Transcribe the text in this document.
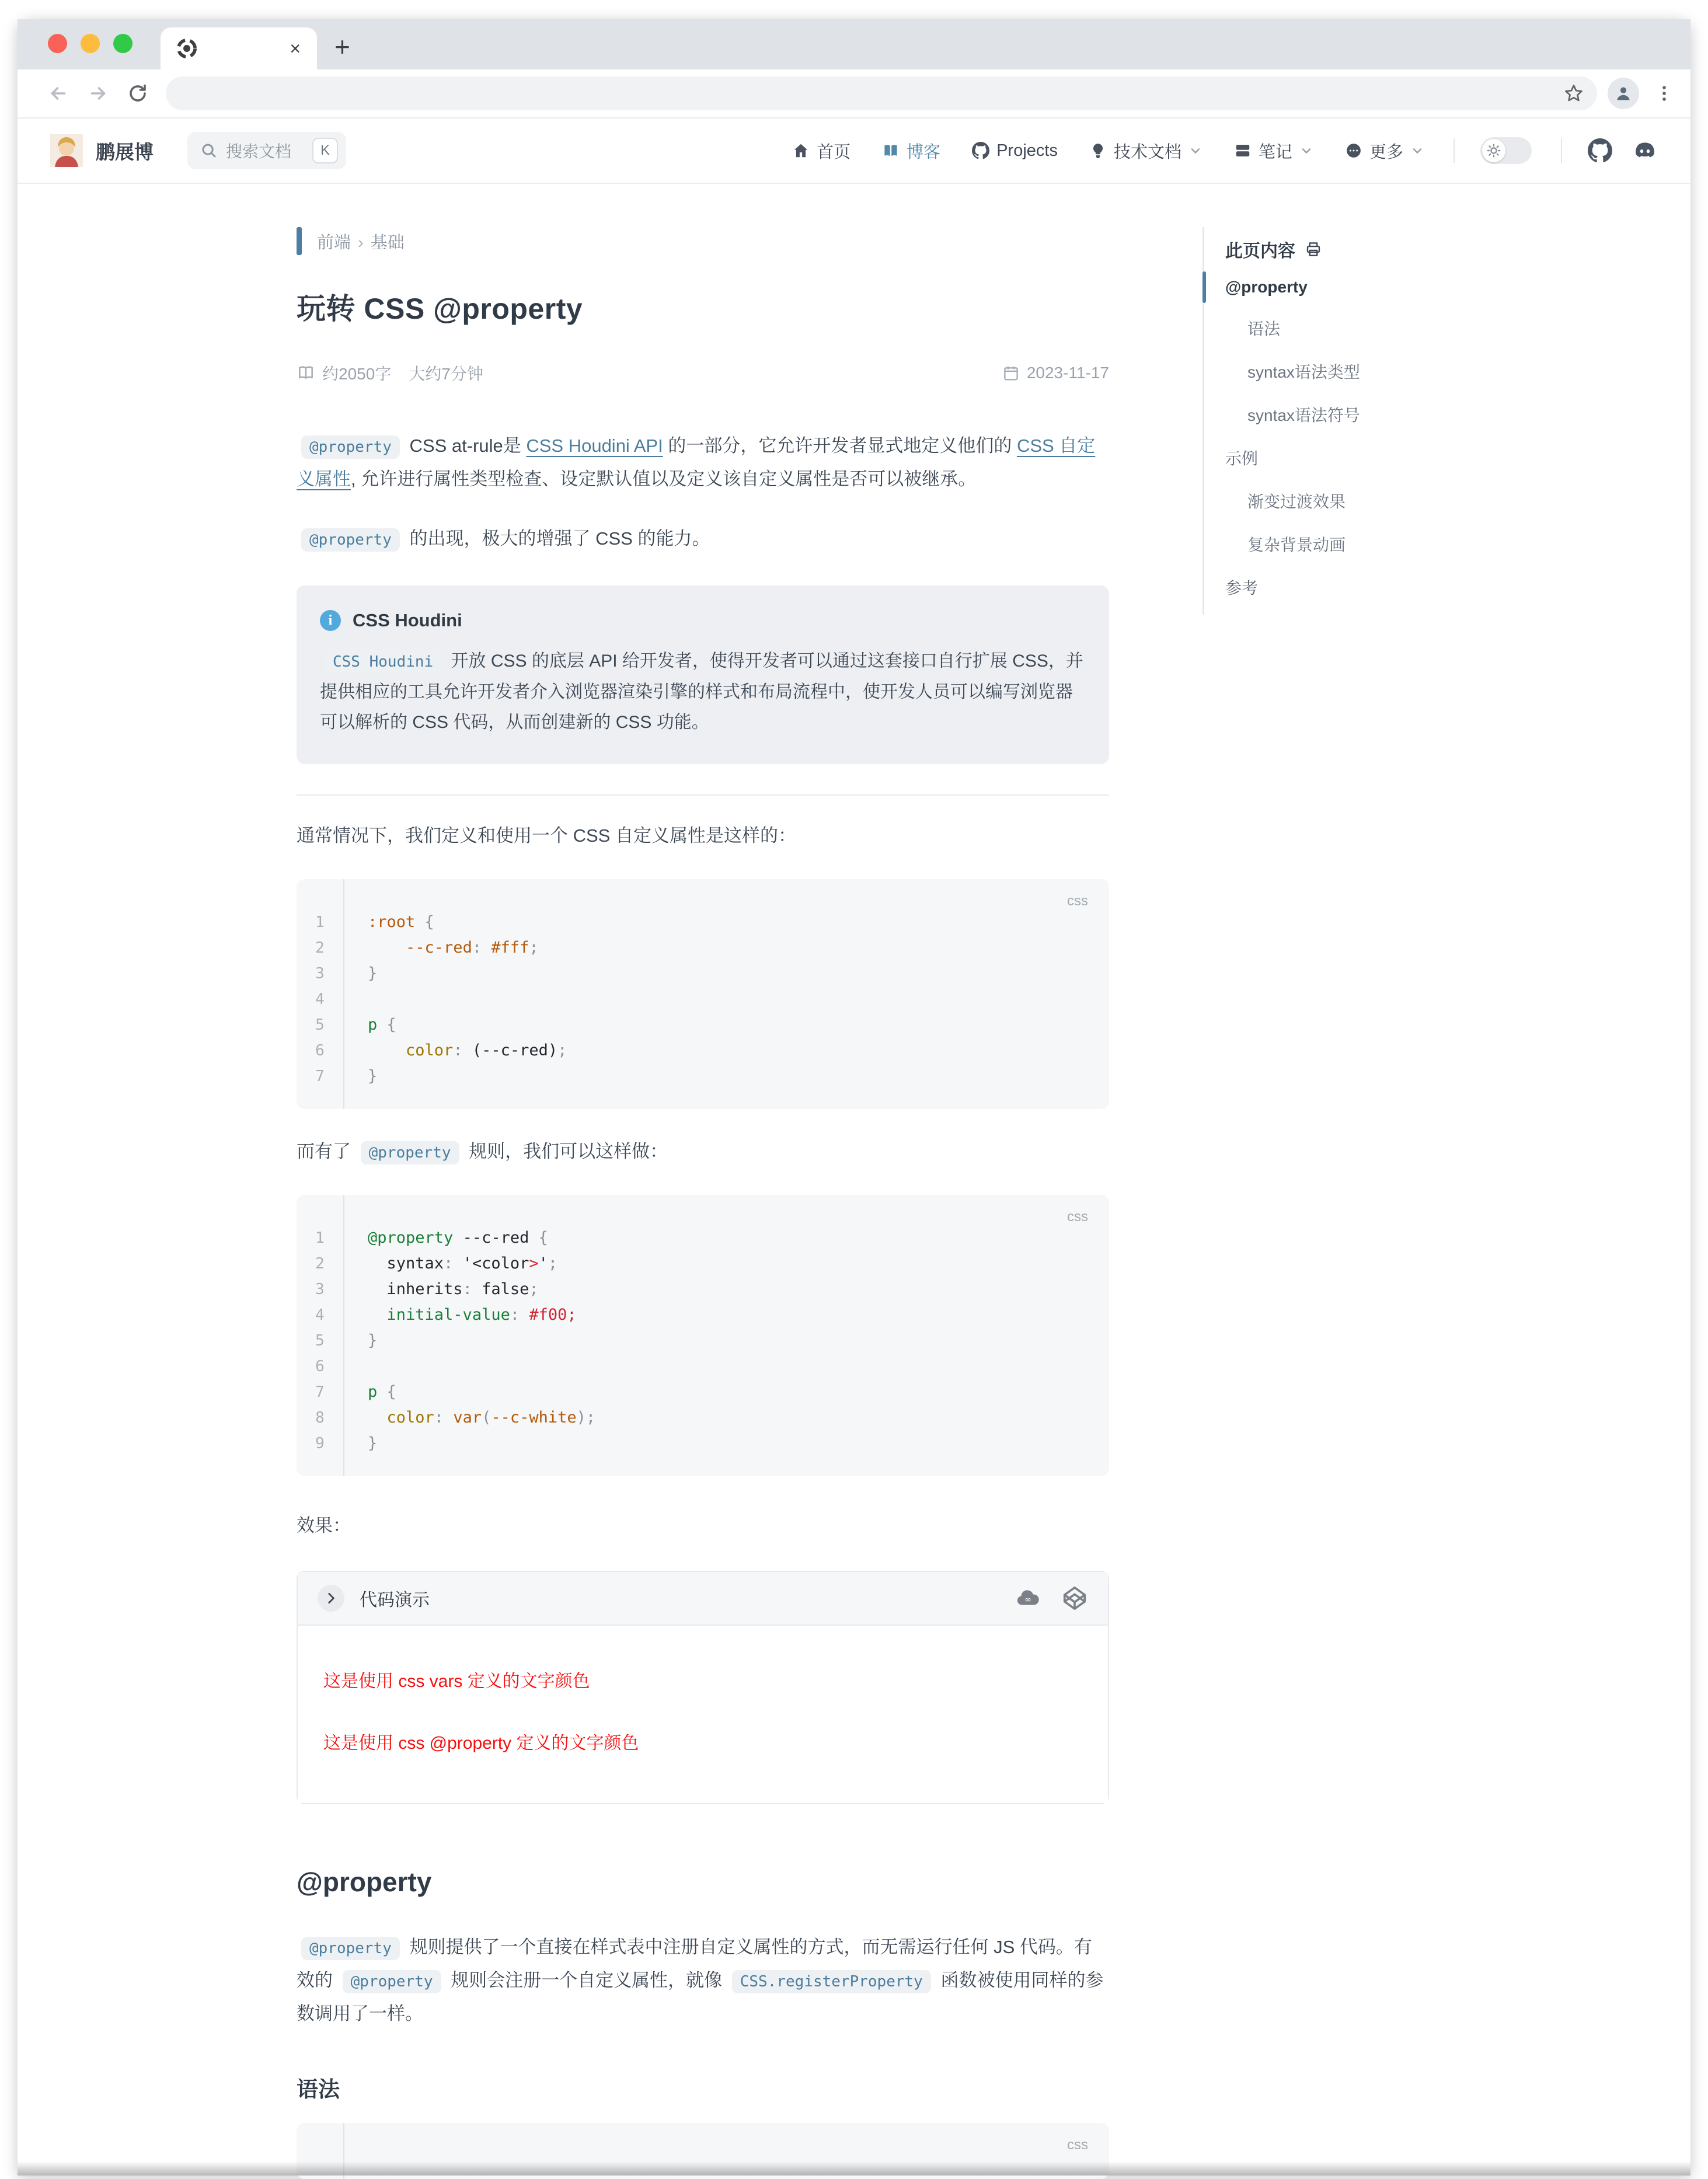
×	+
鹏展博	搜索文档	K	首页	博客	Projects	技术文档	笔记	更多
前端 › 基础
玩转 CSS @property
约2050字 大约7分钟	2023-11-17

@property CSS at-rule是 CSS Houdini API 的一部分，它允许开发者显式地定义他们的 CSS 自定义属性, 允许进行属性类型检查、设定默认值以及定义该自定义属性是否可以被继承。

@property 的出现，极大的增强了 CSS 的能力。

i	CSS Houdini
CSS Houdini 开放 CSS 的底层 API 给开发者，使得开发者可以通过这套接口自行扩展 CSS，并提供相应的工具允许开发者介入浏览器渲染引擎的样式和布局流程中，使开发人员可以编写浏览器可以解析的 CSS 代码，从而创建新的 CSS 功能。

通常情况下，我们定义和使用一个 CSS 自定义属性是这样的：

css
1
2
3
4
5
6
7
:root {
--c-red: #fff;
}

p {
color: (--c-red);
}

而有了 @property 规则，我们可以这样做：

css
1
2
3
4
5
6
7
8
9
@property --c-red {
syntax: '<color>';
inherits: false;
initial-value: #f00;
}

p {
color: var(--c-white);
}

效果：

代码演示	∞

这是使用 css vars 定义的文字颜色

这是使用 css @property 定义的文字颜色

@property

@property 规则提供了一个直接在样式表中注册自定义属性的方式，而无需运行任何 JS 代码。有效的 @property 规则会注册一个自定义属性，就像 CSS.registerProperty 函数被使用同样的参数调用了一样。

语法
css
此页内容
@property
语法
syntax语法类型
syntax语法符号
示例
渐变过渡效果
复杂背景动画
参考
